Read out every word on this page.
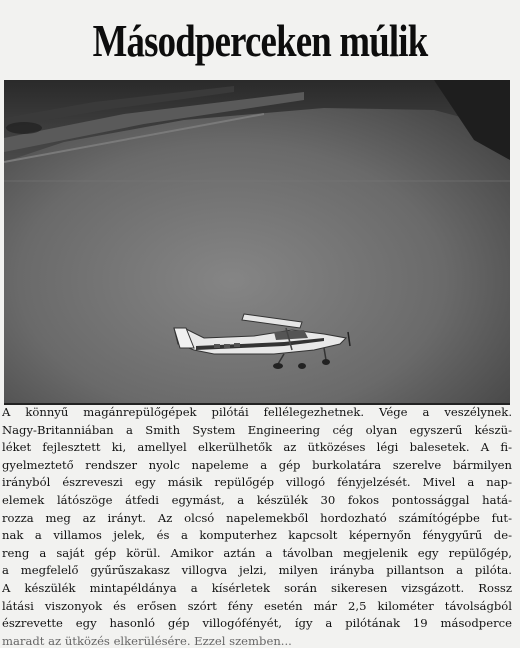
Másodperceken múlik
A könnyű magánrepülőgépek pilótái fellélegezhetnek. Vége a veszélynek.
Nagy-Britanniában a Smith System Engineering cég olyan egyszerű készü-
léket fejlesztett ki, amellyel elkerülhetők az ütközéses légi balesetek. A fi-
gyelmeztető rendszer nyolc napeleme a gép burkolatára szerelve bármilyen
irányból észreveszi egy másik repülőgép villogó fényjelzését. Mivel a nap-
elemek látószöge átfedi egymást, a készülék 30 fokos pontossággal hatá-
rozza meg az irányt. Az olcsó napelemekből hordozható számítógépbe fut-
nak a villamos jelek, és a komputerhez kapcsolt képernyőn fénygyűrű de-
reng a saját gép körül. Amikor aztán a távolban megjelenik egy repülőgép,
a megfelelő gyűrűszakasz villogva jelzi, milyen irányba pillantson a pilóta.
A készülék mintapéldánya a kísérletek során sikeresen vizsgázott. Rossz
látási viszonyok és erősen szórt fény esetén már 2,5 kilométer távolságból
észrevette egy hasonló gép villogófényét, így a pilótának 19 másodperce
maradt az ütközés elkerülésére. Ezzel szemben...
